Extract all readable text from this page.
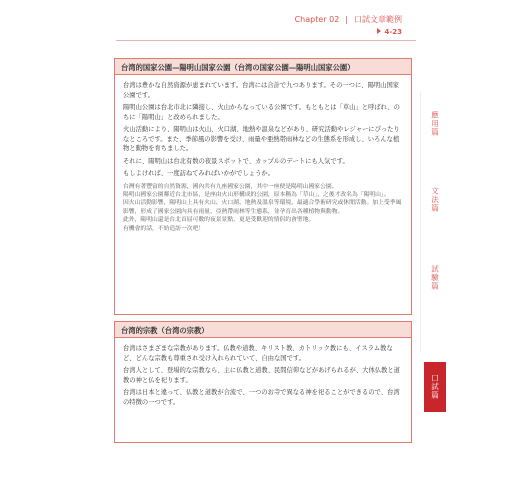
Chapter 02 | 口試文章範例
4-23
台湾的国家公園—陽明山国家公園（台湾の国家公園—陽明山国家公園）

台湾は豊かな自然資源が恵まれています。台湾には合計で九つあります。その一つに、陽明山国家公園です。

陽明山公園は台北市北に隣接し、火山からなっている公園です。もともとは「草山」と呼ばれ、のちに「陽明山」と改められました。

火山活動により、陽明山は火山、火口湖、地熱や温泉などがあり、研究活動やレジャーにぴったりなところです。また、季節風の影響を受け、雨量や亜熱帯雨林などの生態系を形成し、いろんな植物と動物を育ちました。

それに、陽明山は台北有数の夜景スポットで、カップルのデートにも人気です。

もしよければ、一度訪ねてみればいかがでしょうか。

台灣有著豐富的自然資源，國內共有九座國家公園，其中一座便是陽明山國家公園。

陽明山國家公園鄰近台北市區，是座由火山形構成的公園，原本稱為「草山」，之後才改名為「陽明山」。

因火山活動影響，陽明山上具有火山、火口湖、地熱及溫泉等環境，最適合學術研究或休閒活動。加上受季風影響，形成了國家公園內具有雨量、亞熱帶雨林等生態系，並孕育出各種植物與動物。

此外，陽明山還是台北首屈可數的夜景景點，更是受歡迎的情侶約會聖地。

有機會的話，不妨造訪一次吧！

台湾的宗教（台湾の宗教）

台湾はさまざまな宗教があります。仏教や道教、キリスト教、カトリック教にも、イスラム教など、どんな宗教も尊重され受け入れられていて、自由な国です。

台湾人として、登場的な宗教なら、主に仏教と道教、民間信仰などがあげられるが、大体仏教と道教の神と仏を祀ります。

台湾は日本と違って、仏教と道教が合流で、一つのお寺で異なる神を祀ることができるので、台湾の特徴の一つです。

應用篇
文法篇
試驗篇
口試篇
